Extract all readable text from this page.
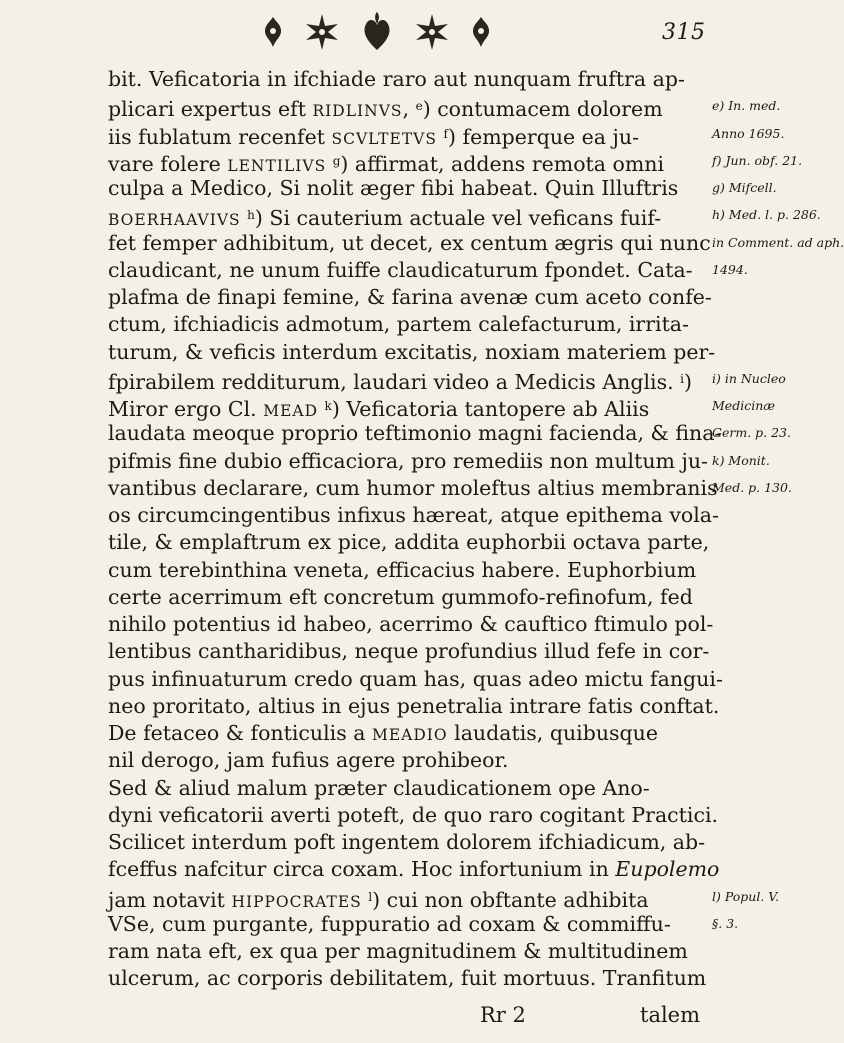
315
bit. Veficatoria in ifchiade raro aut nunquam fruftra ap-
plicari expertus eft RIDLINVS, $^e$) contumacem dolorem
iis fublatum recenfet SCVLTETVS $^f$) femperque ea ju-
vare folere LENTILIVS $^g$) affirmat, addens remota omni
culpa a Medico, Si nolit æger fibi habeat. Quin Illuftris
BOERHAAVIVS $^h$) Si cauterium actuale vel veficans fuif-
fet femper adhibitum, ut decet, ex centum ægris qui nunc
claudicant, ne unum fuiffe claudicaturum fpondet. Cata-
plafma de finapi femine, & farina avenæ cum aceto confe-
ctum, ifchiadicis admotum, partem calefacturum, irrita-
turum, & veficis interdum excitatis, noxiam materiem per-
fpirabilem redditurum, laudari video a Medicis Anglis. $^i$)
Miror ergo Cl. MEAD $^k$) Veficatoria tantopere ab Aliis
laudata meoque proprio teftimonio magni facienda, & fina-
pifmis fine dubio efficaciora, pro remediis non multum ju-
vantibus declarare, cum humor moleftus altius membranis
os circumcingentibus infixus hæreat, atque epithema vola-
tile, & emplaftrum ex pice, addita euphorbii octava parte,
cum terebinthina veneta, efficacius habere. Euphorbium
certe acerrimum eft concretum gummofo-refinofum, fed
nihilo potentius id habeo, acerrimo & cauftico ftimulo pol-
lentibus cantharidibus, neque profundius illud fefe in cor-
pus infinuaturum credo quam has, quas adeo mictu fangui-
neo proritato, altius in ejus penetralia intrare fatis conftat.
De fetaceo & fonticulis a MEADIO laudatis, quibusque
nil derogo, jam fufius agere prohibeor.
Sed & aliud malum præter claudicationem ope Ano-
dyni veficatorii averti poteft, de quo raro cogitant Practici.
Scilicet interdum poft ingentem dolorem ifchiadicum, ab-
fceffus nafcitur circa coxam. Hoc infortunium in Eupolemo
jam notavit HIPPOCRATES $^l$) cui non obftante adhibita
VSe, cum purgante, fuppuratio ad coxam & commiffu-
ram nata eft, ex qua per magnitudinem & multitudinem
ulcerum, ac corporis debilitatem, fuit mortuus. Tranfitum
e) In. med.
Anno 1695.
f) Jun. obf. 21.
g) Mifcell.
h) Med. l. p. 286.
in Comment. ad aph.
1494.
i) in Nucleo
Medicinæ
Germ. p. 23.
k) Monit.
Med. p. 130.
l) Popul. V.
§. 3.
Rr 2	talem
